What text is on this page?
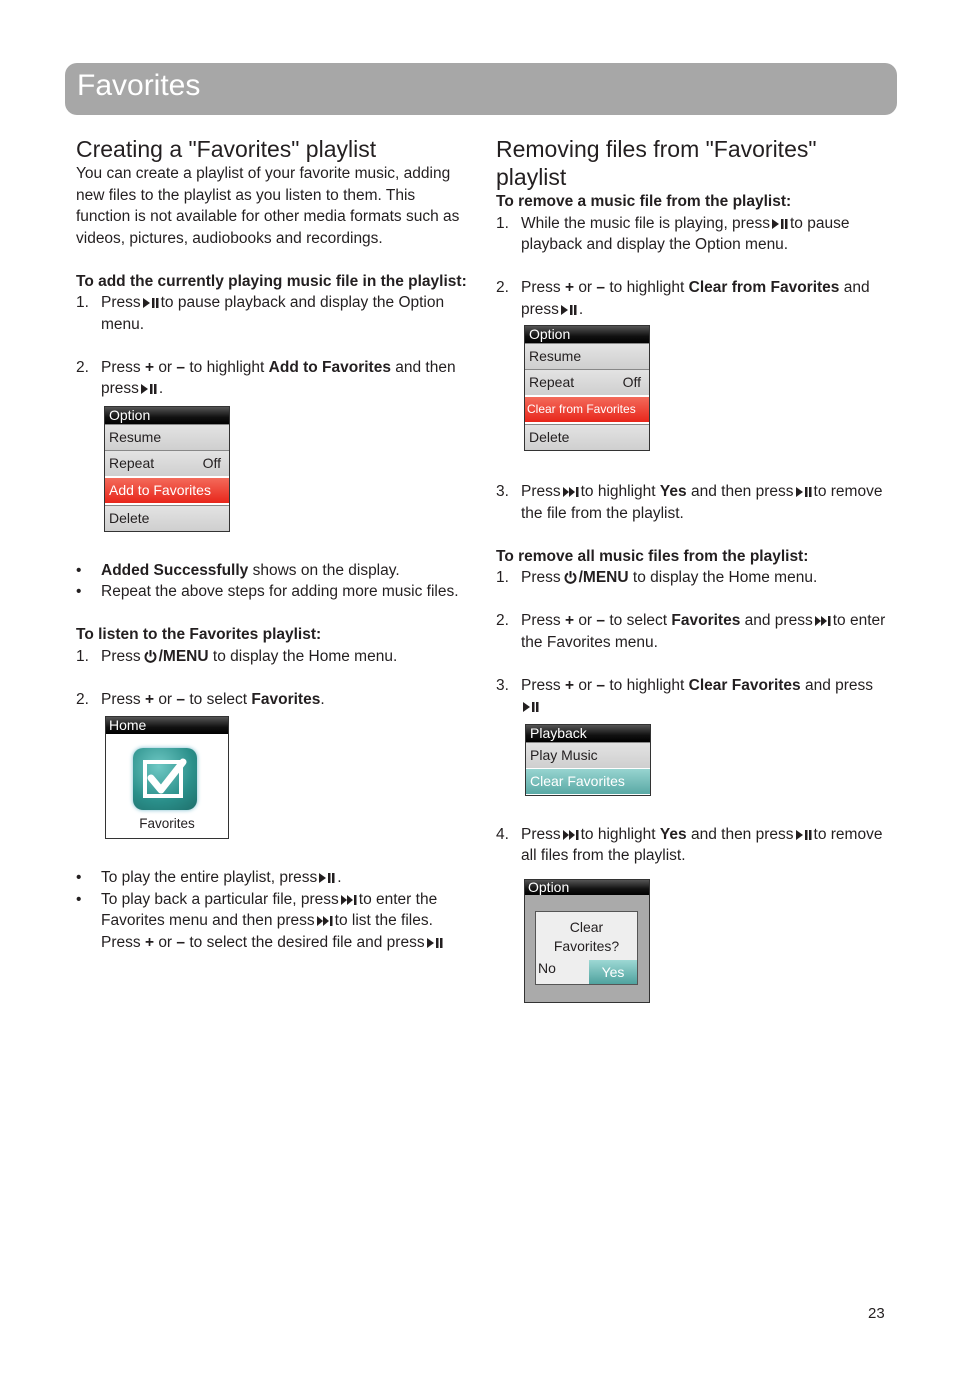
Favorites
Creating a "Favorites" playlist

You can create a playlist of your favorite music, adding new files to the playlist as you listen to them. This function is not available for other media formats such as videos, pictures, audiobooks and recordings.

To add the currently playing music file in the playlist:

1. Press to pause playback and display the Option menu.
2. Press + or – to highlight Add to Favorites and then press .
Option
Resume
Repeat	Off
Add to Favorites
Delete
•	Added Successfully shows on the display.
•	Repeat the above steps for adding more music files.

To listen to the Favorites playlist:

1. Press /MENU to display the Home menu.
2. Press + or – to select Favorites.
Home
Favorites
•	To play the entire playlist, press .
•	To play back a particular file, press to enter the Favorites menu and then press to list the files. Press + or – to select the desired file and press
Removing files from "Favorites" playlist

To remove a music file from the playlist:

1. While the music file is playing, press to pause playback and display the Option menu.
2. Press + or – to highlight Clear from Favorites and press .
Option
Resume
Repeat	Off
Clear from Favorites
Delete
3. Press to highlight Yes and then press to remove the file from the playlist.

To remove all music files from the playlist:

1. Press /MENU to display the Home menu.
2. Press + or – to select Favorites and press to enter the Favorites menu.
3. Press + or – to highlight Clear Favorites and press
Playback
Play Music
Clear Favorites
4. Press to highlight Yes and then press to remove all files from the playlist.
Option
Clear Favorites?
No	Yes
23
